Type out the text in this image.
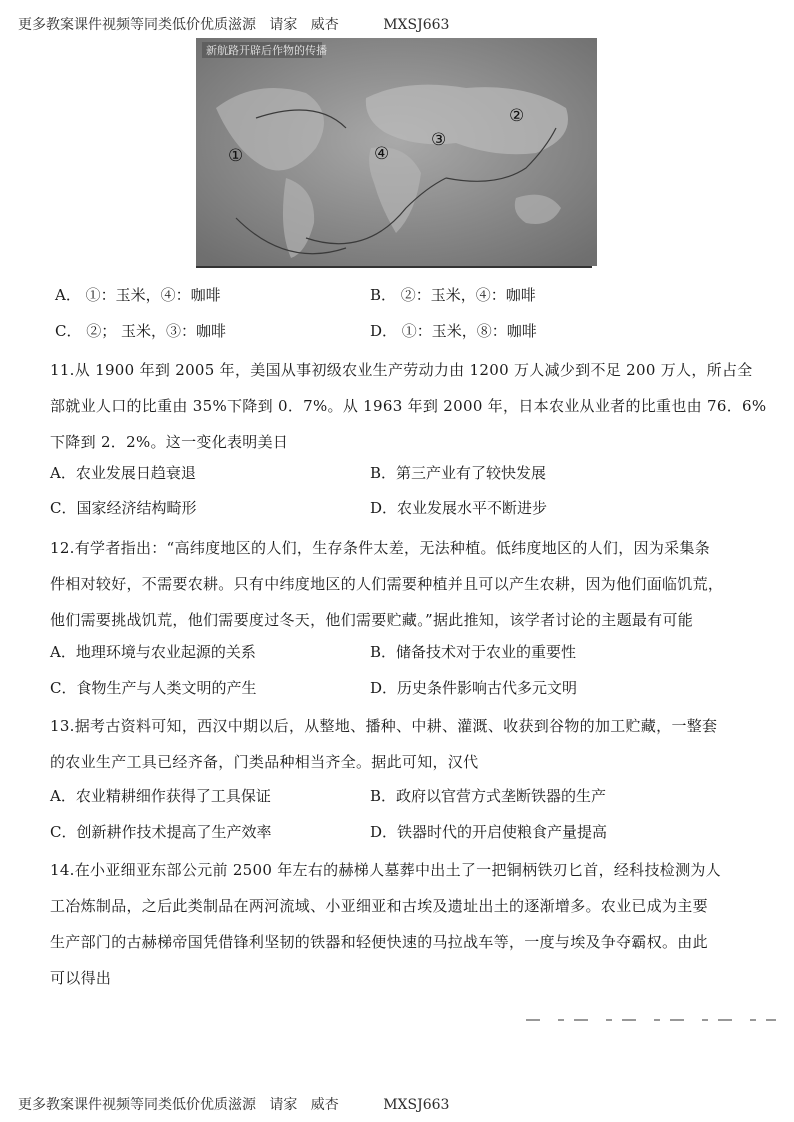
更多教案课件视频等同类低价优质滋源   请家   威杏          MXSJ663
新航路开辟后作物的传播
①
②
③
④
A． ①：玉米，④：咖啡	B． ②：玉米，④：咖啡
C． ②； 玉米，③：咖啡	D． ①：玉米，⑧：咖啡
11.从 1900 年到 2005 年，美国从事初级农业生产劳动力由 1200 万人减少到不足 200 万人，所占全
部就业人口的比重由 35%下降到 0．7%。从 1963 年到 2000 年，日本农业从业者的比重也由 76．6%
下降到 2．2%。这一变化表明美日
A．农业发展日趋衰退	B．第三产业有了较快发展
C．国家经济结构畸形	D．农业发展水平不断进步
12.有学者指出：“高纬度地区的人们，生存条件太差，无法种植。低纬度地区的人们，因为采集条
件相对较好，不需要农耕。只有中纬度地区的人们需要种植并且可以产生农耕，因为他们面临饥荒，
他们需要挑战饥荒，他们需要度过冬天，他们需要贮藏。”据此推知，该学者讨论的主题最有可能
A．地理环境与农业起源的关系	B．储备技术对于农业的重要性
C．食物生产与人类文明的产生	D．历史条件影响古代多元文明
13.据考古资料可知，西汉中期以后，从整地、播种、中耕、灌溉、收获到谷物的加工贮藏，一整套
的农业生产工具已经齐备，门类品种相当齐全。据此可知，汉代
A．农业精耕细作获得了工具保证	B．政府以官营方式垄断铁器的生产
C．创新耕作技术提高了生产效率	D．铁器时代的开启使粮食产量提高
14.在小亚细亚东部公元前 2500 年左右的赫梯人墓葬中出土了一把铜柄铁刃匕首，经科技检测为人
工冶炼制品，之后此类制品在两河流域、小亚细亚和古埃及遗址出土的逐渐增多。农业已成为主要
生产部门的古赫梯帝国凭借锋利坚韧的铁器和轻便快速的马拉战车等，一度与埃及争夺霸权。由此
可以得出
更多教案课件视频等同类低价优质滋源   请家   威杏          MXSJ663
